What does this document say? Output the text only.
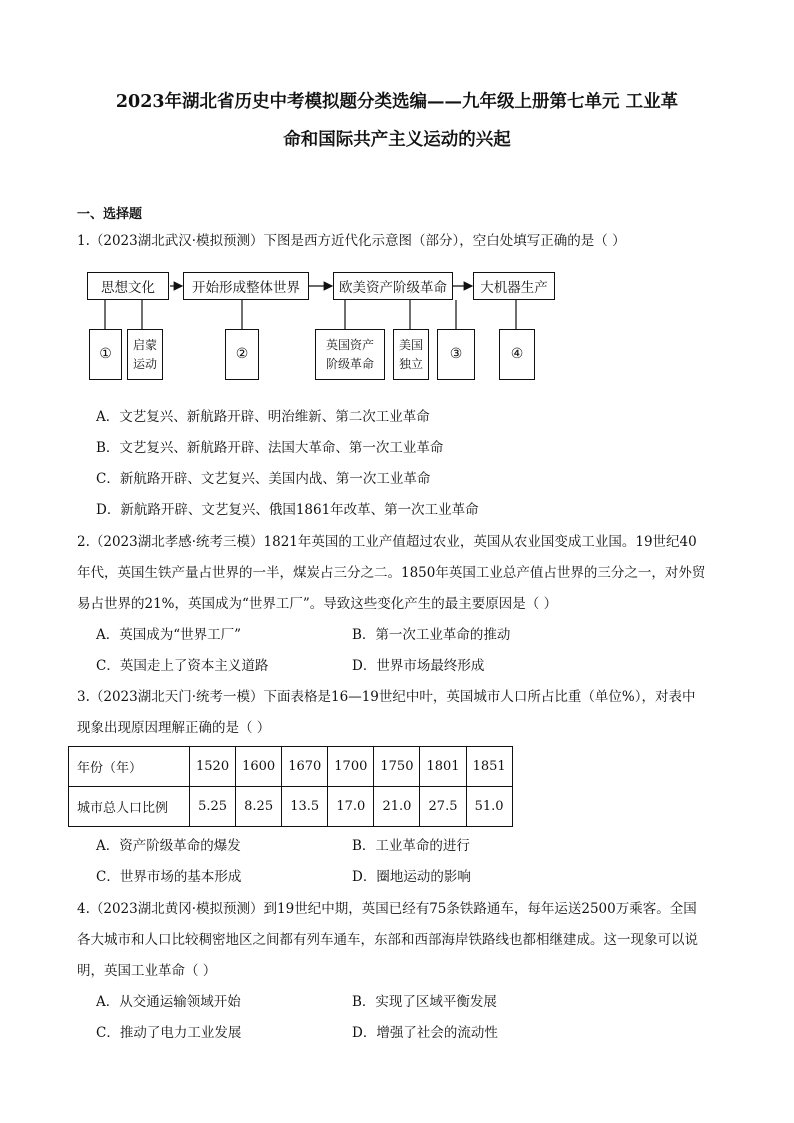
2023年湖北省历史中考模拟题分类选编——九年级上册第七单元 工业革
命和国际共产主义运动的兴起
一、选择题
1.（2023湖北武汉·模拟预测）下图是西方近代化示意图（部分），空白处填写正确的是（ ）
思想文化	开始形成整体世界	欧美资产阶级革命	大机器生产
①
启蒙
运动
②
英国资产
阶级革命
美国
独立
③	④
A．文艺复兴、新航路开辟、明治维新、第二次工业革命
B．文艺复兴、新航路开辟、法国大革命、第一次工业革命
C．新航路开辟、文艺复兴、美国内战、第一次工业革命
D．新航路开辟、文艺复兴、俄国1861年改革、第一次工业革命
2.（2023湖北孝感·统考三模）1821年英国的工业产值超过农业，英国从农业国变成工业国。19世纪40
年代，英国生铁产量占世界的一半，煤炭占三分之二。1850年英国工业总产值占世界的三分之一，对外贸
易占世界的21%，英国成为“世界工厂”。导致这些变化产生的最主要原因是（ ）
A．英国成为“世界工厂”	B．第一次工业革命的推动
C．英国走上了资本主义道路	D．世界市场最终形成
3.（2023湖北天门·统考一模）下面表格是16—19世纪中叶，英国城市人口所占比重（单位%），对表中
现象出现原因理解正确的是（ ）
年份（年）	1520	1600	1670	1700	1750	1801	1851
城市总人口比例	5.25	8.25	13.5	17.0	21.0	27.5	51.0
A．资产阶级革命的爆发	B．工业革命的进行
C．世界市场的基本形成	D．圈地运动的影响
4.（2023湖北黄冈·模拟预测）到19世纪中期，英国已经有75条铁路通车，每年运送2500万乘客。全国
各大城市和人口比较稠密地区之间都有列车通车，东部和西部海岸铁路线也都相继建成。这一现象可以说
明，英国工业革命（ ）
A．从交通运输领域开始	B．实现了区域平衡发展
C．推动了电力工业发展	D．增强了社会的流动性
